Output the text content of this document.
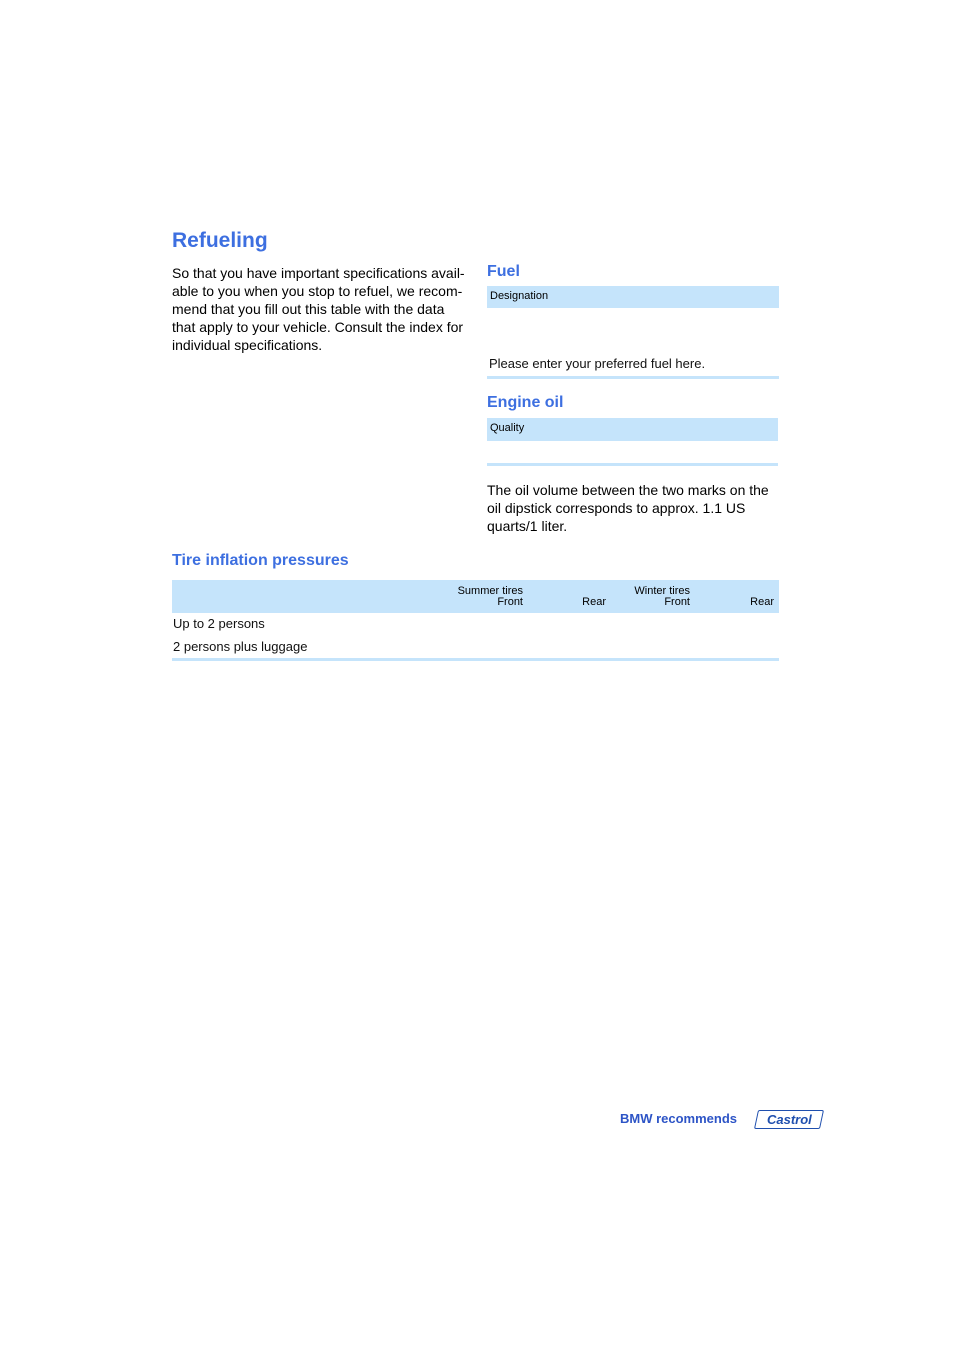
Refueling
So that you have important specifications avail-
able to you when you stop to refuel, we recom-
mend that you fill out this table with the data
that apply to your vehicle. Consult the index for
individual specifications.
Fuel
Designation
Please enter your preferred fuel here.
Engine oil
Quality
The oil volume between the two marks on the
oil dipstick corresponds to approx. 1.1 US
quarts/1 liter.
Tire inflation pressures
Summer tires
Front	Rear
Winter tires
Front	Rear
Up to 2 persons
2 persons plus luggage
BMW recommends Castrol
